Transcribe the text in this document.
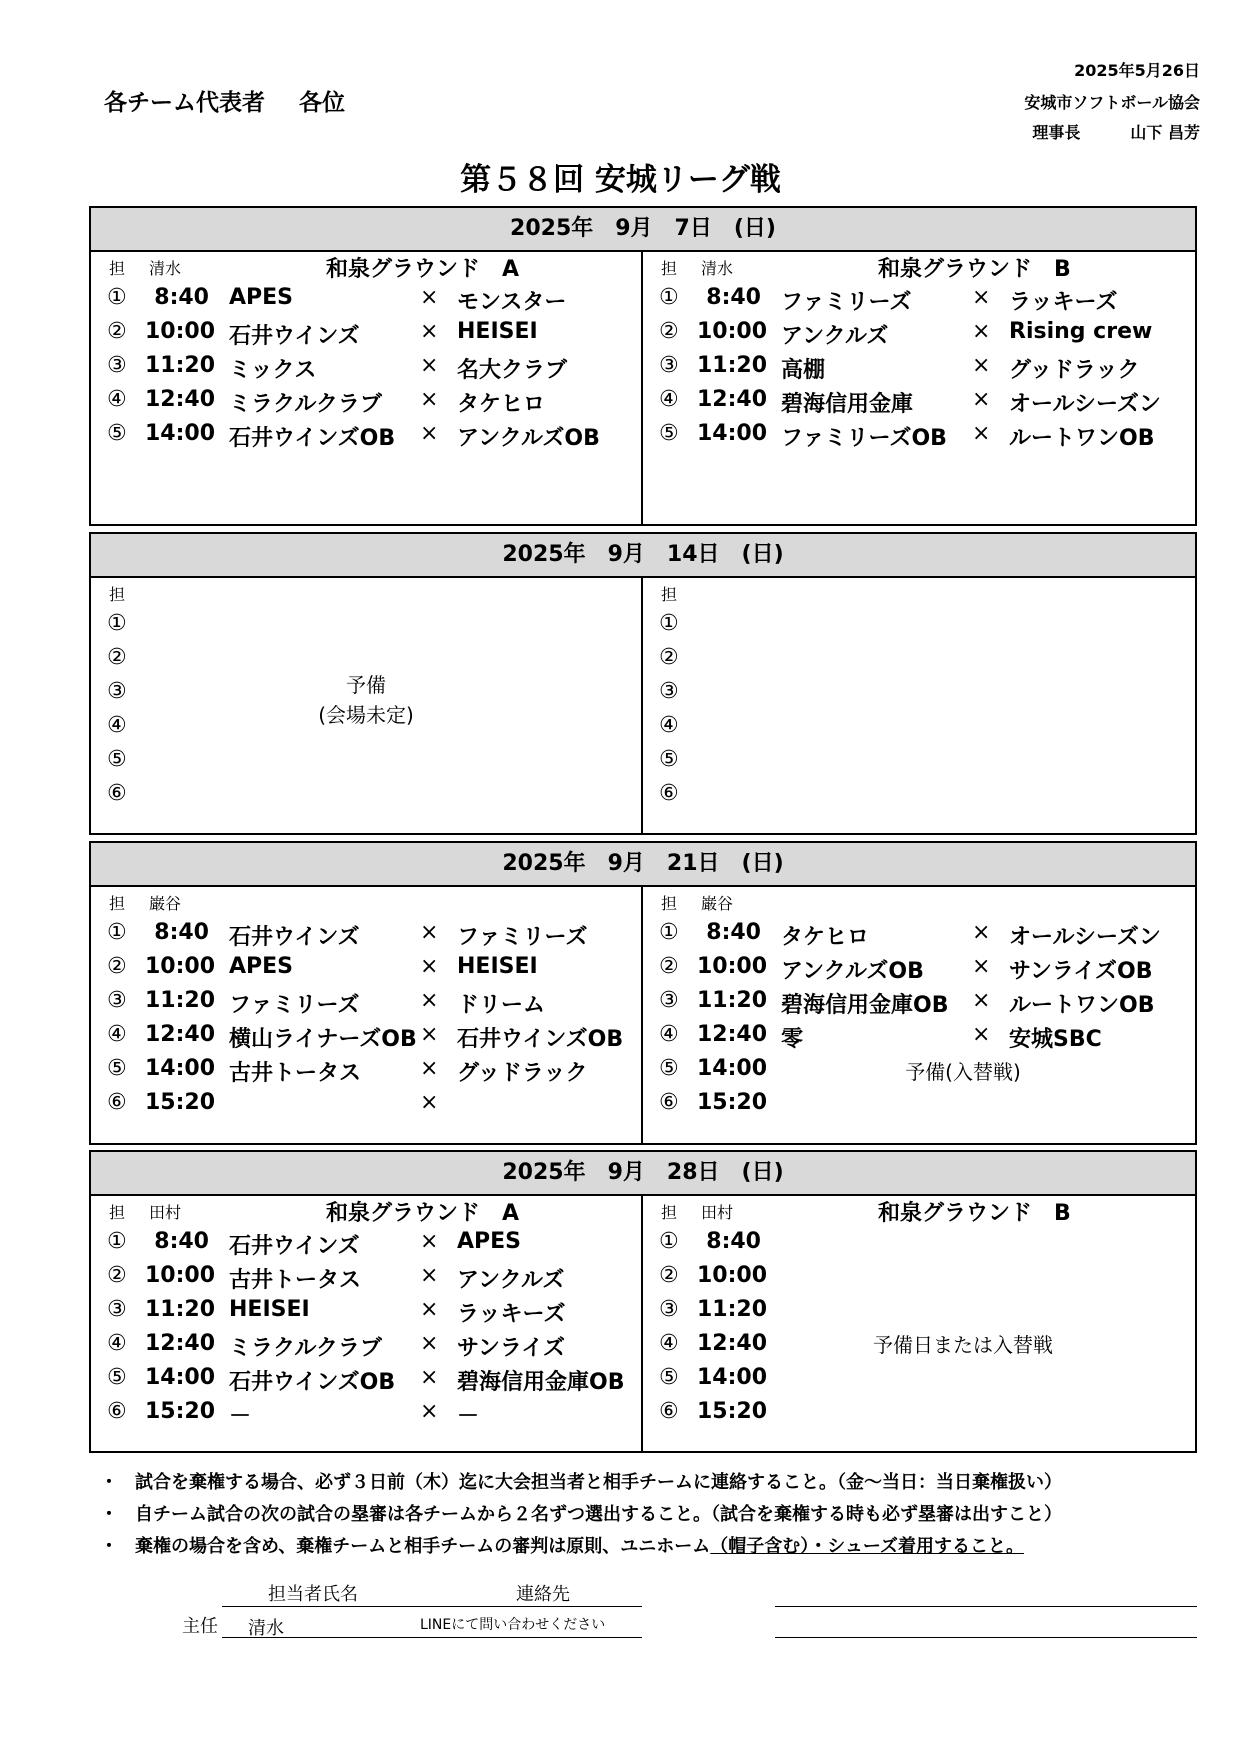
各チーム代表者 各位
2025年5月26日
安城市ソフトボール協会
理事長	山下 昌芳
第５８回 安城リーグ戦
2025年　9月　7日　(日)
担 清水	和泉グラウンド　A
①	8:40 APES	× モンスター
② 10:00 石井ウインズ	× HEISEI
③ 11:20 ミックス	× 名大クラブ
④ 12:40 ミラクルクラブ	× タケヒロ
⑤ 14:00 石井ウインズOB	× アンクルズOB
担 清水	和泉グラウンド　B
①	8:40 ファミリーズ	× ラッキーズ
② 10:00 アンクルズ	× Rising crew
③ 11:20 高棚	× グッドラック
④ 12:40 碧海信用金庫	× オールシーズン
⑤ 14:00 ファミリーズOB	× ルートワンOB
2025年　9月　14日　(日)
担
①
②
③
④
⑤
⑥
予備
(会場未定)
担
①
②
③
④
⑤
⑥
2025年　9月　21日　(日)
担 巌谷
①	8:40 石井ウインズ	× ファミリーズ
② 10:00 APES	× HEISEI
③ 11:20 ファミリーズ	× ドリーム
④ 12:40 横山ライナーズOB × 石井ウインズOB
⑤ 14:00 古井トータス	× グッドラック
⑥ 15:20	×
担 巌谷
①	8:40 タケヒロ	× オールシーズン
② 10:00 アンクルズOB	× サンライズOB
③ 11:20 碧海信用金庫OB	× ルートワンOB
④ 12:40 零	× 安城SBC
⑤ 14:00
⑥ 15:20
予備(入替戦)
2025年　9月　28日　(日)
担 田村	和泉グラウンド　A
①	8:40 石井ウインズ	× APES
② 10:00 古井トータス	× アンクルズ
③ 11:20 HEISEI	× ラッキーズ
④ 12:40 ミラクルクラブ	× サンライズ
⑤ 14:00 石井ウインズOB	× 碧海信用金庫OB
⑥ 15:20 －	× －
担 田村	和泉グラウンド　B
①	8:40
② 10:00
③ 11:20
④ 12:40
⑤ 14:00
⑥ 15:20
予備日または入替戦
・ 試合を棄権する場合、必ず３日前（木）迄に大会担当者と相手チームに連絡すること。（金～当日：当日棄権扱い）
・ 自チーム試合の次の試合の塁審は各チームから２名ずつ選出すること。（試合を棄権する時も必ず塁審は出すこと）
・ 棄権の場合を含め、棄権チームと相手チームの審判は原則、ユニホーム（帽子含む）・シューズ着用すること。
担当者氏名	連絡先
主任 清水	LINEにて問い合わせください
